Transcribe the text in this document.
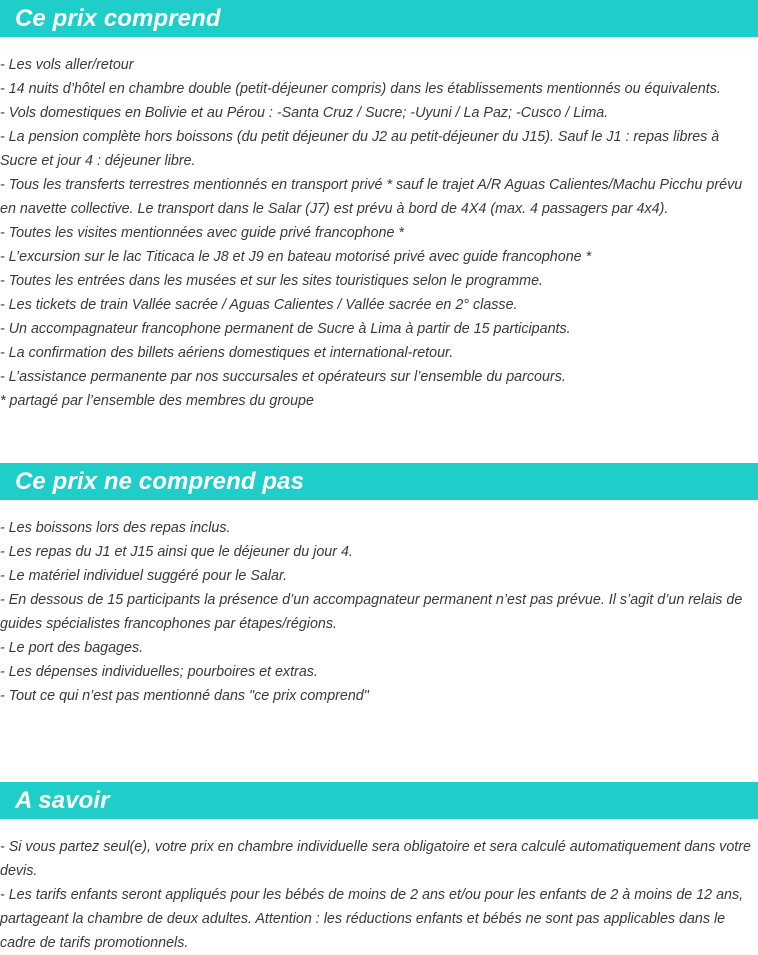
Ce prix comprend
- Les vols aller/retour
- 14 nuits d’hôtel en chambre double (petit-déjeuner compris) dans les établissements mentionnés ou équivalents.
- Vols domestiques en Bolivie et au Pérou : -Santa Cruz / Sucre; -Uyuni / La Paz; -Cusco / Lima.
- La pension complète hors boissons (du petit déjeuner du J2 au petit-déjeuner du J15). Sauf le J1 : repas libres à Sucre et jour 4 : déjeuner libre.
- Tous les transferts terrestres mentionnés en transport privé * sauf le trajet A/R Aguas Calientes/Machu Picchu prévu en navette collective. Le transport dans le Salar (J7) est prévu à bord de 4X4 (max. 4 passagers par 4x4).
- Toutes les visites mentionnées avec guide privé francophone *
- L’excursion sur le lac Titicaca le J8 et J9 en bateau motorisé privé avec guide francophone *
- Toutes les entrées dans les musées et sur les sites touristiques selon le programme.
- Les tickets de train Vallée sacrée / Aguas Calientes / Vallée sacrée en 2° classe.
- Un accompagnateur francophone permanent de Sucre à Lima à partir de 15 participants.
- La confirmation des billets aériens domestiques et international-retour.
- L’assistance permanente par nos succursales et opérateurs sur l’ensemble du parcours.
* partagé par l’ensemble des membres du groupe
Ce prix ne comprend pas
- Les boissons lors des repas inclus.
- Les repas du J1 et J15 ainsi que le déjeuner du jour 4.
- Le matériel individuel suggéré pour le Salar.
- En dessous de 15 participants la présence d’un accompagnateur permanent n’est pas prévue. Il s’agit d’un relais de guides spécialistes francophones par étapes/régions.
- Le port des bagages.
- Les dépenses individuelles; pourboires et extras.
- Tout ce qui n’est pas mentionné dans "ce prix comprend"
A savoir
- Si vous partez seul(e), votre prix en chambre individuelle sera obligatoire et sera calculé automatiquement dans votre devis.
- Les tarifs enfants seront appliqués pour les bébés de moins de 2 ans et/ou pour les enfants de 2 à moins de 12 ans, partageant la chambre de deux adultes. Attention : les réductions enfants et bébés ne sont pas applicables dans le cadre de tarifs promotionnels.
